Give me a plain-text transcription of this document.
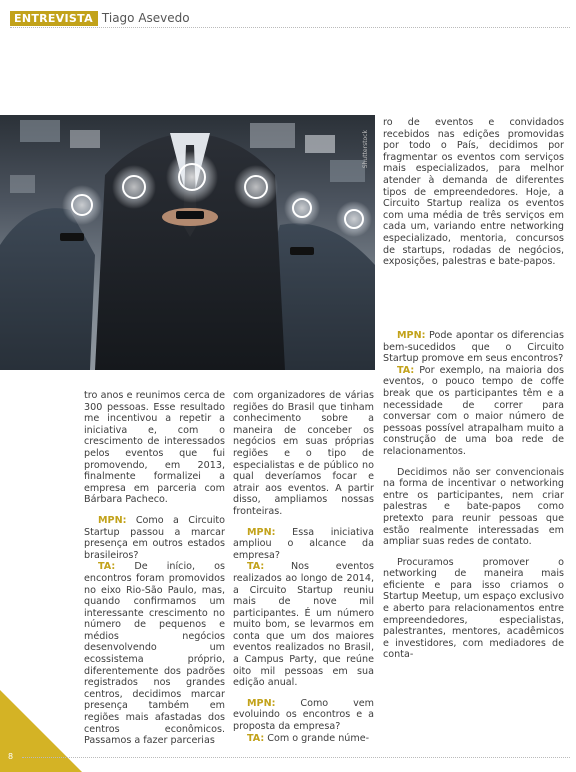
ENTREVISTA Tiago Asevedo
Shutterstock

ro de eventos e convidados recebidos nas edições promovidas por todo o País, decidimos por fragmentar os eventos com serviços mais especializados, para melhor atender à demanda de diferentes tipos de empreendedores. Hoje, a Circuito Startup realiza os eventos com uma média de três serviços em cada um, variando entre networking especializado, mentoria, concursos de startups, rodadas de negócios, exposições, palestras e bate-papos.

MPN: Pode apontar os diferencias bem-sucedidos que o Circuito Startup promove em seus encontros?

TA: Por exemplo, na maioria dos eventos, o pouco tempo de coffe break que os participantes têm e a necessidade de correr para conversar com o maior número de pessoas possível atrapalham muito a construção de uma boa rede de relacionamentos.

Decidimos não ser convencionais na forma de incentivar o networking entre os participantes, nem criar palestras e bate-papos como pretexto para reunir pessoas que estão realmente interessadas em ampliar suas redes de contato.

Procuramos promover o networking de maneira mais eficiente e para isso criamos o Startup Meetup, um espaço exclusivo e aberto para relacionamentos entre empreendedores, especialistas, palestrantes, mentores, acadêmicos e investidores, com mediadores de conta-

tro anos e reunimos cerca de 300 pessoas. Esse resultado me incentivou a repetir a iniciativa e, com o crescimento de interessados pelos eventos que fui promovendo, em 2013, finalmente formalizei a empresa em parceria com Bárbara Pacheco.

MPN: Como a Circuito Startup passou a marcar presença em outros estados brasileiros?

TA: De início, os encontros foram promovidos no eixo Rio-São Paulo, mas, quando confirmamos um interessante crescimento no número de pequenos e médios negócios desenvolvendo um ecossistema próprio, diferentemente dos padrões registrados nos grandes centros, decidimos marcar presença também em regiões mais afastadas dos centros econômicos. Passamos a fazer parcerias

com organizadores de várias regiões do Brasil que tinham conhecimento sobre a maneira de conceber os negócios em suas próprias regiões e o tipo de especialistas e de público no qual deveríamos focar e atrair aos eventos. A partir disso, ampliamos nossas fronteiras.

MPN: Essa iniciativa ampliou o alcance da empresa?

TA: Nos eventos realizados ao longo de 2014, a Circuito Startup reuniu mais de nove mil participantes. É um número muito bom, se levarmos em conta que um dos maiores eventos realizados no Brasil, a Campus Party, que reúne oito mil pessoas em sua edição anual.

MPN: Como vem evoluindo os encontros e a proposta da empresa?

TA: Com o grande núme-

8
